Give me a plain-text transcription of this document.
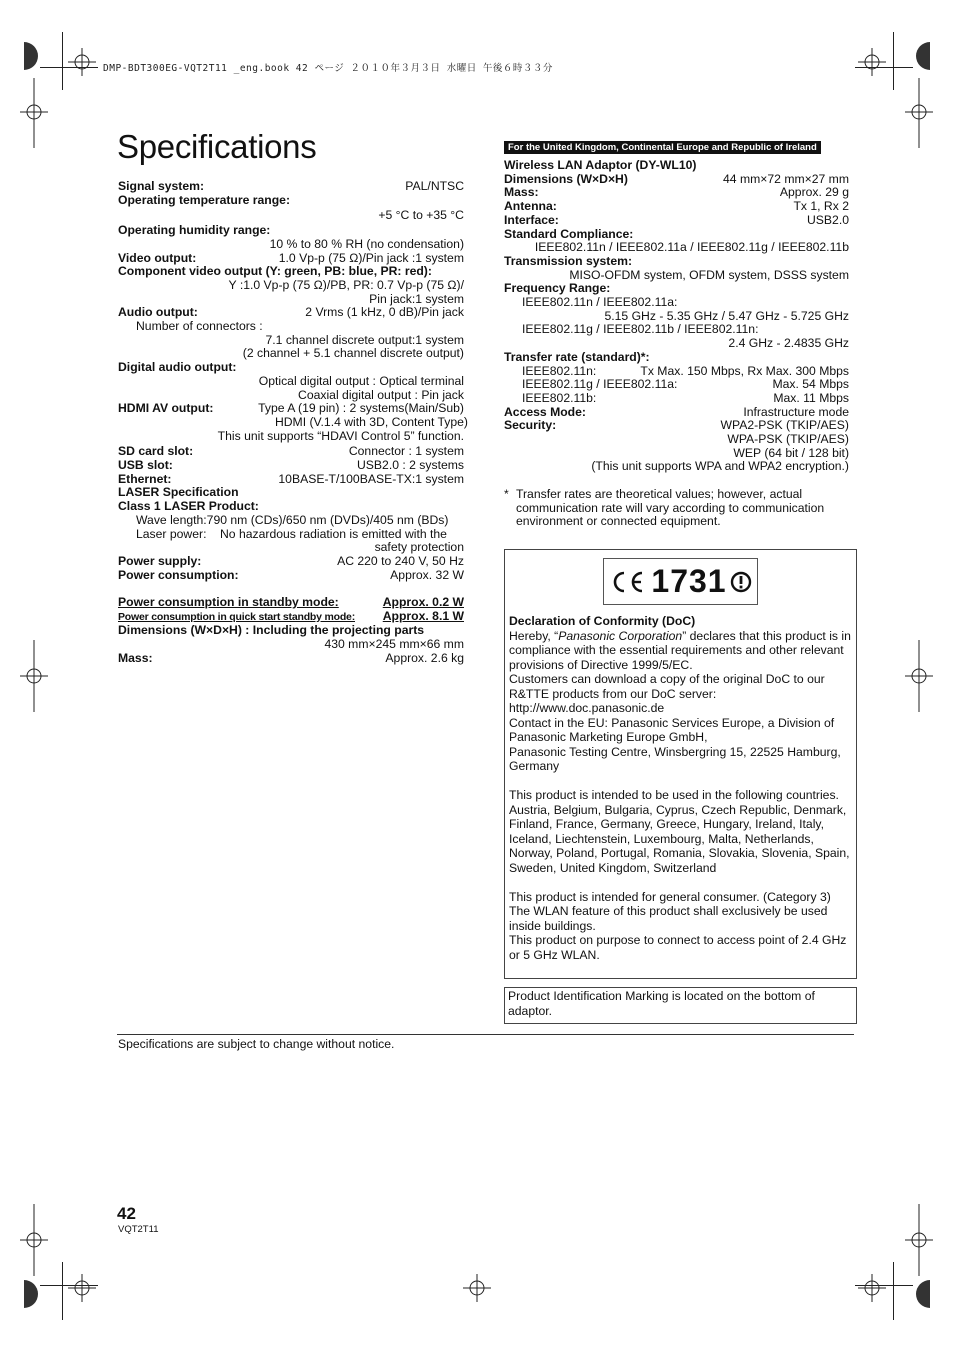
DMP-BDT300EG-VQT2T11 _eng.book 42 ページ ２０１０年３月３日 水曜日 午後６時３３分
Specifications
Signal system:	PAL/NTSC
Operating temperature range:
+5 °C to +35 °C
Operating humidity range:
10 % to 80 % RH (no condensation)
Video output:	1.0 Vp-p (75 Ω)/Pin jack :1 system
Component video output (Y: green, PB: blue, PR: red):
Y :1.0 Vp-p (75 Ω)/PB, PR: 0.7 Vp-p (75 Ω)/
Pin jack:1 system
Audio output:	2 Vrms (1 kHz, 0 dB)/Pin jack
Number of connectors :
7.1 channel discrete output:1 system
(2 channel + 5.1 channel discrete output)
Digital audio output:
Optical digital output : Optical terminal
Coaxial digital output : Pin jack
HDMI AV output:	Type A (19 pin) : 2 systems(Main/Sub)
HDMI (V.1.4 with 3D, Content Type)
This unit supports “HDAVI Control 5” function.
SD card slot:	Connector : 1 system
USB slot:	USB2.0 : 2 systems
Ethernet:	10BASE-T/100BASE-TX:1 system
LASER Specification
Class 1 LASER Product:
Wave length:790 nm (CDs)/650 nm (DVDs)/405 nm (BDs)
Laser power:    No hazardous radiation is emitted with the
safety protection
Power supply:	AC 220 to 240 V, 50 Hz
Power consumption:	Approx. 32 W
Power consumption in standby mode:	Approx. 0.2 W
Power consumption in quick start standby mode: Approx. 8.1 W
Dimensions (W×D×H) : Including the projecting parts
430 mm×245 mm×66 mm
Mass:	Approx. 2.6 kg
For the United Kingdom, Continental Europe and Republic of Ireland
Wireless LAN Adaptor (DY-WL10)
Dimensions (W×D×H)	44 mm×72 mm×27 mm
Mass:	Approx. 29 g
Antenna:	Tx 1, Rx 2
Interface:	USB2.0
Standard Compliance:
IEEE802.11n / IEEE802.11a / IEEE802.11g / IEEE802.11b
Transmission system:
MISO-OFDM system, OFDM system, DSSS system
Frequency Range:
IEEE802.11n / IEEE802.11a:
5.15 GHz - 5.35 GHz / 5.47 GHz - 5.725 GHz
IEEE802.11g / IEEE802.11b / IEEE802.11n:
2.4 GHz - 2.4835 GHz
Transfer rate (standard)*:
IEEE802.11n:	Tx Max. 150 Mbps, Rx Max. 300 Mbps
IEEE802.11g / IEEE802.11a:	Max. 54 Mbps
IEEE802.11b:	Max. 11 Mbps
Access Mode:	Infrastructure mode
Security:	WPA2-PSK (TKIP/AES)
WPA-PSK (TKIP/AES)
WEP (64 bit / 128 bit)
(This unit supports WPA and WPA2 encryption.)
* Transfer rates are theoretical values; however, actual communication rate will vary according to communication environment or connected equipment.
1731
Declaration of Conformity (DoC)
Hereby, “Panasonic Corporation” declares that this product is in compliance with the essential requirements and other relevant provisions of Directive 1999/5/EC.
Customers can download a copy of the original DoC to our R&TTE products from our DoC server:
http://www.doc.panasonic.de
Contact in the EU: Panasonic Services Europe, a Division of Panasonic Marketing Europe GmbH,
Panasonic Testing Centre, Winsbergring 15, 22525 Hamburg, Germany
This product is intended to be used in the following countries.
Austria, Belgium, Bulgaria, Cyprus, Czech Republic, Denmark, Finland, France, Germany, Greece, Hungary, Ireland, Italy, Iceland, Liechtenstein, Luxembourg, Malta, Netherlands, Norway, Poland, Portugal, Romania, Slovakia, Slovenia, Spain, Sweden, United Kingdom, Switzerland
This product is intended for general consumer. (Category 3) The WLAN feature of this product shall exclusively be used inside buildings.
This product on purpose to connect to access point of 2.4 GHz or 5 GHz WLAN.
Product Identification Marking is located on the bottom of adaptor.
Specifications are subject to change without notice.
42
VQT2T11
